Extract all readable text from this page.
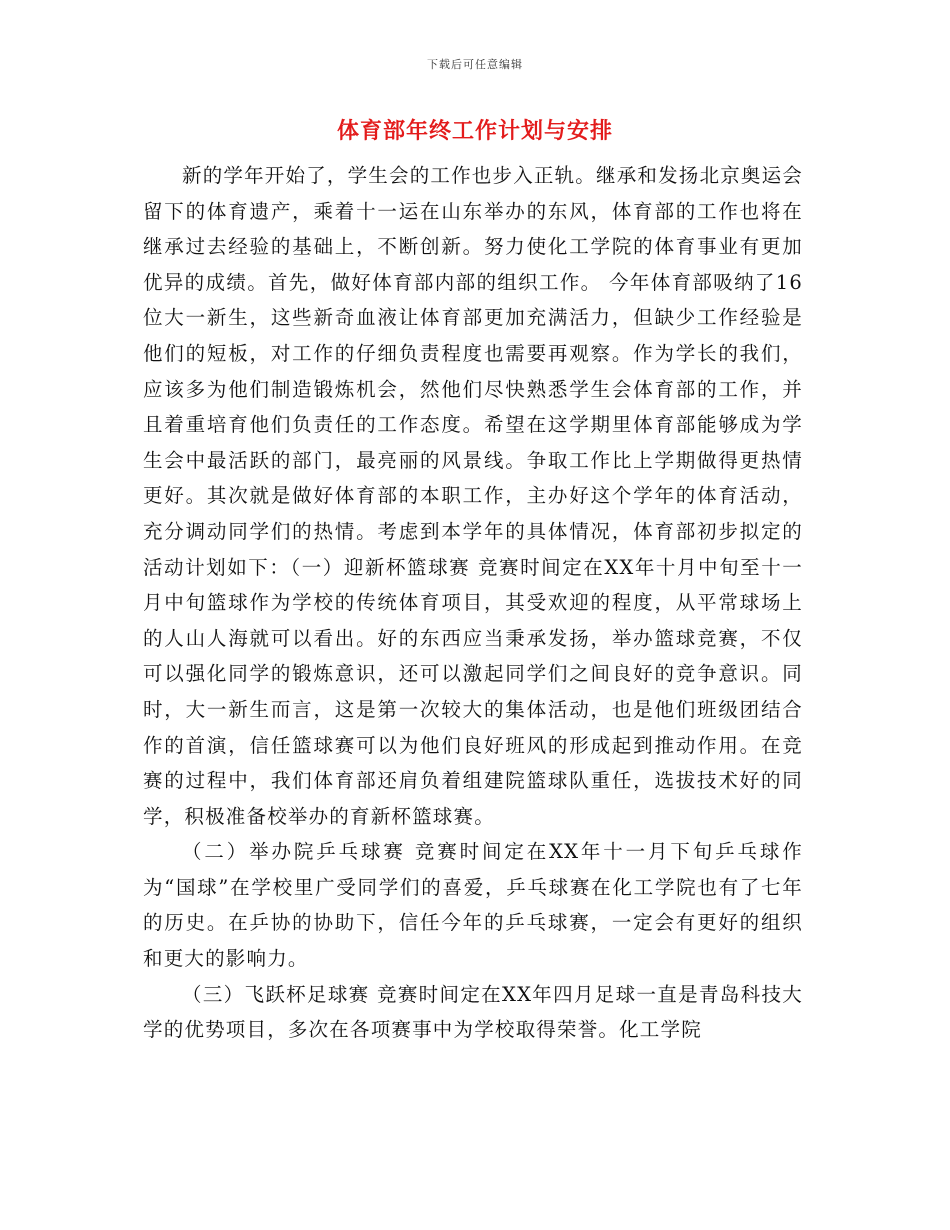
下载后可任意编辑
体育部年终工作计划与安排

新的学年开始了，学生会的工作也步入正轨。继承和发扬北京奥运会留下的体育遗产，乘着十一运在山东举办的东风，体育部的工作也将在继承过去经验的基础上，不断创新。努力使化工学院的体育事业有更加优异的成绩。首先，做好体育部内部的组织工作。 今年体育部吸纳了16位大一新生，这些新奇血液让体育部更加充满活力，但缺少工作经验是他们的短板，对工作的仔细负责程度也需要再观察。作为学长的我们，应该多为他们制造锻炼机会，然他们尽快熟悉学生会体育部的工作，并且着重培育他们负责任的工作态度。希望在这学期里体育部能够成为学生会中最活跃的部门，最亮丽的风景线。争取工作比上学期做得更热情更好。其次就是做好体育部的本职工作，主办好这个学年的体育活动，充分调动同学们的热情。考虑到本学年的具体情况，体育部初步拟定的活动计划如下：（一）迎新杯篮球赛 竞赛时间定在XX年十月中旬至十一月中旬篮球作为学校的传统体育项目，其受欢迎的程度，从平常球场上的人山人海就可以看出。好的东西应当秉承发扬，举办篮球竞赛，不仅可以强化同学的锻炼意识，还可以激起同学们之间良好的竞争意识。同时，大一新生而言，这是第一次较大的集体活动，也是他们班级团结合作的首演，信任篮球赛可以为他们良好班风的形成起到推动作用。在竞赛的过程中，我们体育部还肩负着组建院篮球队重任，选拔技术好的同学，积极准备校举办的育新杯篮球赛。

（二）举办院乒乓球赛 竞赛时间定在XX年十一月下旬乒乓球作为“国球”在学校里广受同学们的喜爱，乒乓球赛在化工学院也有了七年的历史。在乒协的协助下，信任今年的乒乓球赛，一定会有更好的组织和更大的影响力。

（三）飞跃杯足球赛 竞赛时间定在XX年四月足球一直是青岛科技大学的优势项目，多次在各项赛事中为学校取得荣誉。化工学院
